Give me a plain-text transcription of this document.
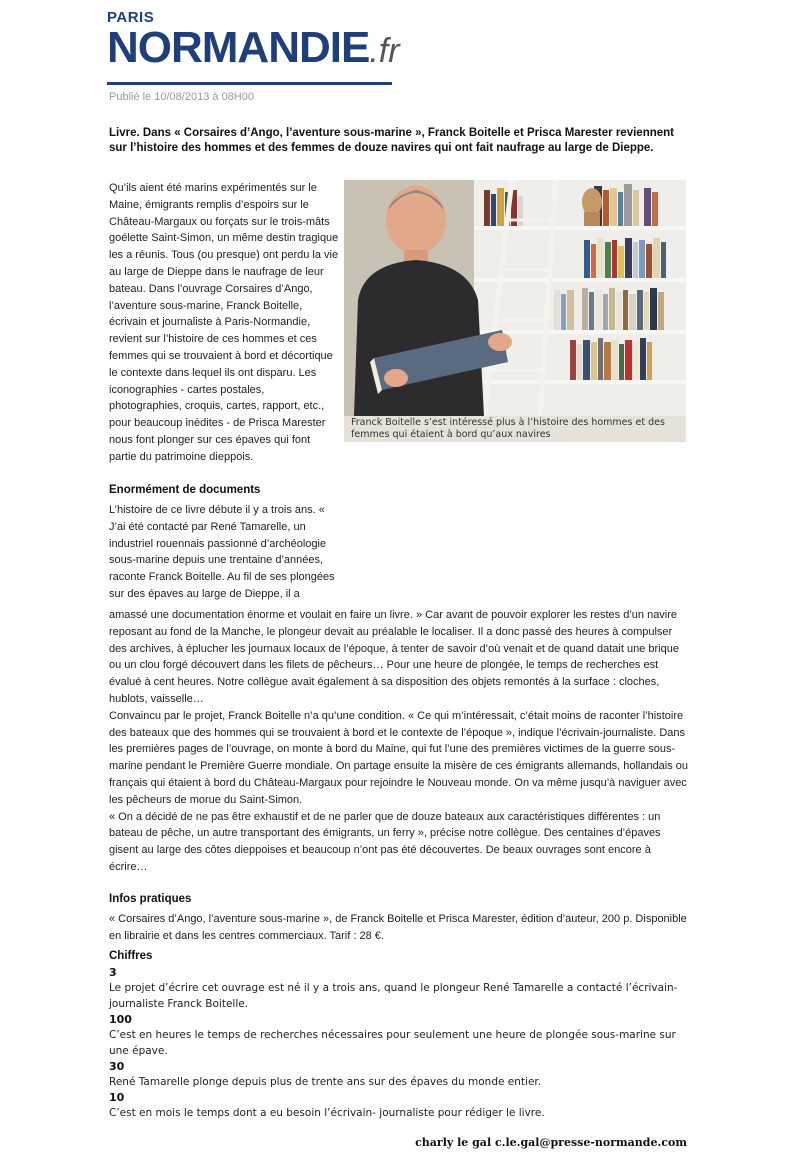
PARIS
NORMANDIE.fr
Publié le 10/08/2013 à 08H00
Livre. Dans « Corsaires d’Ango, l’aventure sous-marine », Franck Boitelle et Prisca Marester reviennent sur l’histoire des hommes et des femmes de douze navires qui ont fait naufrage au large de Dieppe.
Qu’ils aient été marins expérimentés sur le Maine, émigrants remplis d’espoirs sur le Château-Margaux ou forçats sur le trois-mâts goélette Saint-Simon, un même destin tragique les a réunis. Tous (ou presque) ont perdu la vie au large de Dieppe dans le naufrage de leur bateau. Dans l’ouvrage Corsaires d’Ango, l’aventure sous-marine, Franck Boitelle, écrivain et journaliste à Paris-Normandie, revient sur l’histoire de ces hommes et ces femmes qui se trouvaient à bord et décortique le contexte dans lequel ils ont disparu. Les iconographies - cartes postales, photographies, croquis, cartes, rapport, etc., pour beaucoup inédites - de Prisca Marester nous font plonger sur ces épaves qui font partie du patrimoine dieppois.
Franck Boitelle s’est intéressé plus à l’histoire des hommes et des femmes qui étaient à bord qu’aux navires
Enormément de documents
L’histoire de ce livre débute il y a trois ans. « J’ai été contacté par René Tamarelle, un industriel rouennais passionné d’archéologie sous-marine depuis une trentaine d’années, raconte Franck Boitelle. Au fil de ses plongées sur des épaves au large de Dieppe, il a
amassé une documentation énorme et voulait en faire un livre. » Car avant de pouvoir explorer les restes d’un navire reposant au fond de la Manche, le plongeur devait au préalable le localiser. Il a donc passé des heures à compulser des archives, à éplucher les journaux locaux de l’époque, à tenter de savoir d’où venait et de quand datait une brique ou un clou forgé découvert dans les filets de pêcheurs… Pour une heure de plongée, le temps de recherches est évalué à cent heures. Notre collègue avait également à sa disposition des objets remontés à la surface : cloches, hublots, vaisselle…
Convaincu par le projet, Franck Boitelle n’a qu’une condition. « Ce qui m’intéressait, c’était moins de raconter l’histoire des bateaux que des hommes qui se trouvaient à bord et le contexte de l’époque », indique l’écrivain-journaliste. Dans les premières pages de l’ouvrage, on monte à bord du Maine, qui fut l’une des premières victimes de la guerre sous-marine pendant le Première Guerre mondiale. On partage ensuite la misère de ces émigrants allemands, hollandais ou français qui étaient à bord du Château-Margaux pour rejoindre le Nouveau monde. On va même jusqu’à naviguer avec les pêcheurs de morue du Saint-Simon.
« On a décidé de ne pas être exhaustif et de ne parler que de douze bateaux aux caractéristiques différentes : un bateau de pêche, un autre transportant des émigrants, un ferry », précise notre collègue. Des centaines d’épaves gisent au large des côtes dieppoises et beaucoup n’ont pas été découvertes. De beaux ouvrages sont encore à écrire…
Infos pratiques
« Corsaires d’Ango, l’aventure sous-marine », de Franck Boitelle et Prisca Marester, édition d’auteur, 200 p. Disponible en librairie et dans les centres commerciaux. Tarif : 28 €.
Chiffres
3
Le projet d’écrire cet ouvrage est né il y a trois ans, quand le plongeur René Tamarelle a contacté l’écrivain- journaliste Franck Boitelle.
100
C’est en heures le temps de recherches nécessaires pour seulement une heure de plongée sous-marine sur une épave.
30
René Tamarelle plonge depuis plus de trente ans sur des épaves du monde entier.
10
C’est en mois le temps dont a eu besoin l’écrivain- journaliste pour rédiger le livre.
charly le gal c.le.gal@presse-normande.com
